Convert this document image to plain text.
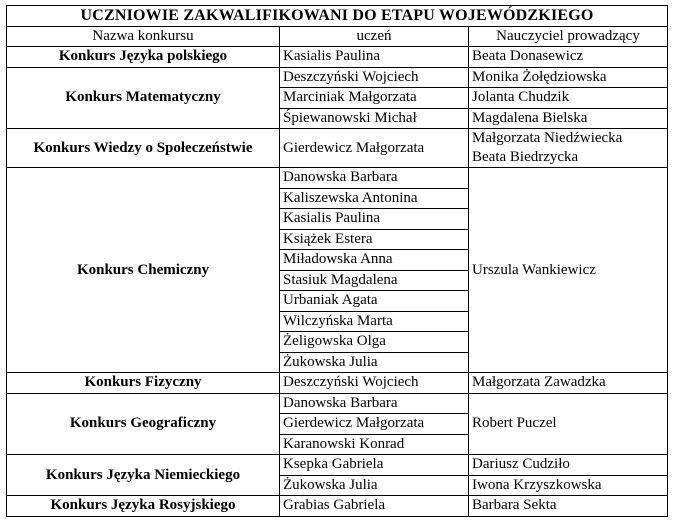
UCZNIOWIE ZAKWALIFIKOWANI DO ETAPU WOJEWÓDZKIEGO		
Nazwa konkursu	uczeń	Nauczyciel prowadzący
Konkurs Języka polskiego	Kasialis Paulina	Beata Donasewicz
Konkurs Matematyczny	Deszczyński Wojciech	Monika Żołędziowska
	Marciniak Małgorzata	Jolanta Chudzik
	Śpiewanowski Michał	Magdalena Bielska
Konkurs Wiedzy o Społeczeństwie	Gierdewicz Małgorzata	Małgorzata Niedźwiecka
Beata Biedrzycka

Konkurs Chemiczny	Danowska Barbara	Urszula Wankiewicz
	Kaliszewska Antonina	
	Kasialis Paulina	
	Książek Estera	
	Miładowska Anna	
	Stasiuk Magdalena	
	Urbaniak Agata	
	Wilczyńska Marta	
	Żeligowska Olga	
	Żukowska Julia	
Konkurs Fizyczny	Deszczyński Wojciech	Małgorzata Zawadzka
Konkurs Geograficzny	Danowska Barbara	Robert Puczel
	Gierdewicz Małgorzata	
	Karanowski Konrad	
Konkurs Języka Niemieckiego	Ksepka Gabriela	Dariusz Cudziło
	Żukowska Julia	Iwona Krzyszkowska
Konkurs Języka Rosyjskiego	Grabias Gabriela	Barbara Sekta
